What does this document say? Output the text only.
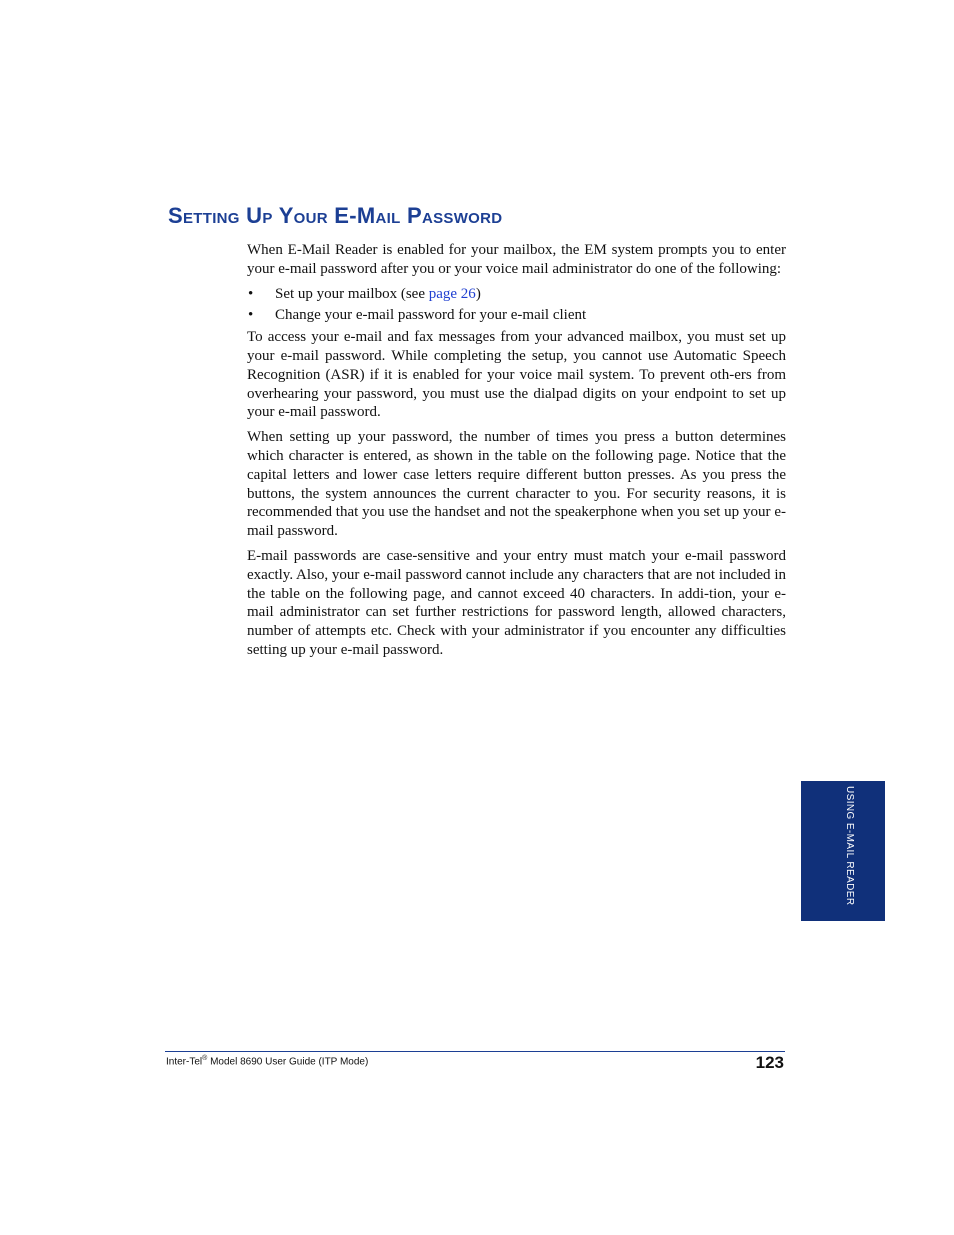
Setting Up Your E-Mail Password

When E-Mail Reader is enabled for your mailbox, the EM system prompts you to enter your e-mail password after you or your voice mail administrator do one of the following:

• Set up your mailbox (see page 26)
• Change your e-mail password for your e-mail client

To access your e-mail and fax messages from your advanced mailbox, you must set up your e-mail password. While completing the setup, you cannot use Automatic Speech Recognition (ASR) if it is enabled for your voice mail system. To prevent oth-ers from overhearing your password, you must use the dialpad digits on your endpoint to set up your e-mail password.

When setting up your password, the number of times you press a button determines which character is entered, as shown in the table on the following page. Notice that the capital letters and lower case letters require different button presses. As you press the buttons, the system announces the current character to you. For security reasons, it is recommended that you use the handset and not the speakerphone when you set up your e-mail password.

E-mail passwords are case-sensitive and your entry must match your e-mail password exactly. Also, your e-mail password cannot include any characters that are not included in the table on the following page, and cannot exceed 40 characters. In addi-tion, your e-mail administrator can set further restrictions for password length, allowed characters, number of attempts etc. Check with your administrator if you encounter any difficulties setting up your e-mail password.

USING E-MAIL READER
Inter-Tel® Model 8690 User Guide (ITP Mode)	123
